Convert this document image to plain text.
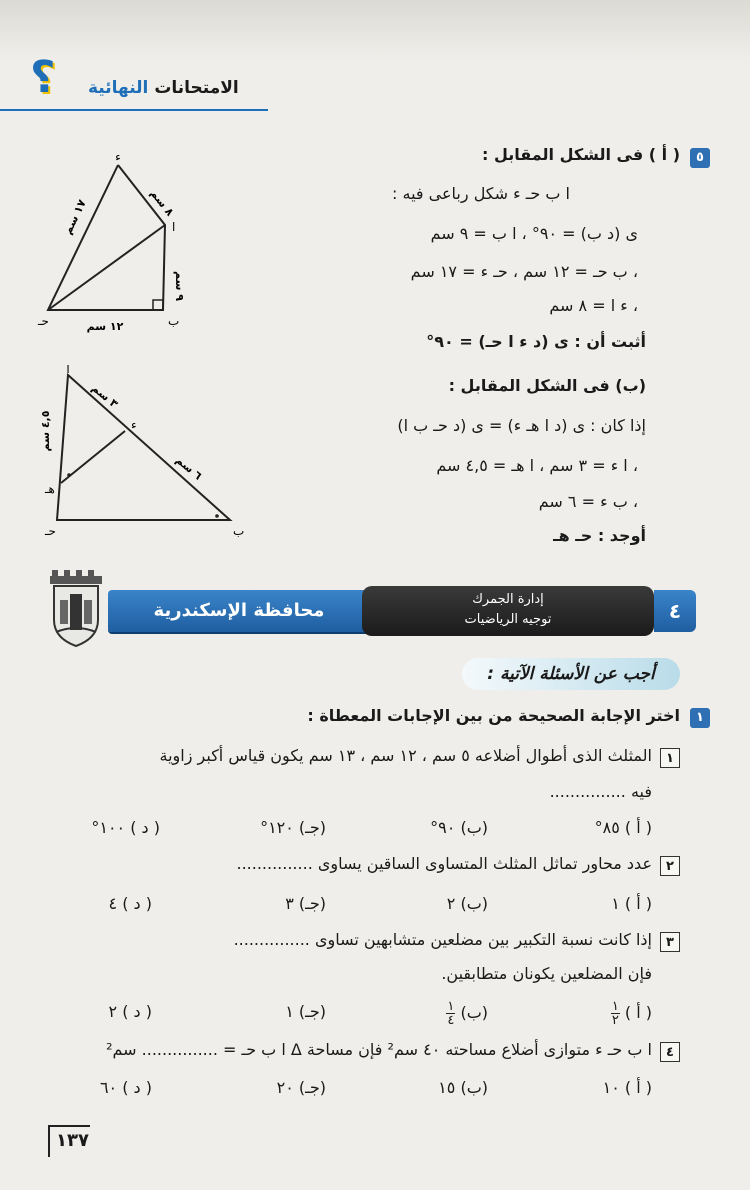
الامتحانات النهائية
؟
٥
( أ ) فى الشكل المقابل :
ا ب حـ ء شكل رباعى فيه :
ى (د ب) = ٩٠° ، ا ب = ٩ سم
، ب حـ = ١٢ سم ، حـ ء = ١٧ سم
، ء ا = ٨ سم
أثبت أن : ى (د ء ا حـ) = ٩٠°
(ب) فى الشكل المقابل :
إذا كان : ى (د ا هـ ء) = ى (د حـ ب ا)
، ا ء = ٣ سم ، ا هـ = ٤,٥ سم
، ب ء = ٦ سم
أوجد : حـ هـ
ء
ا
ب
حـ
٨ سم
١٧ سم
٩ سم
١٢ سم
ا
ء
هـ
حـ	ب
٣ سم
٦ سم
٤,٥ سم
محافظة الإسكندرية
إدارة الجمرك
توجيه الرياضيات	٤
أجب عن الأسئلة الآتية :
١
اختر الإجابة الصحيحة من بين الإجابات المعطاة :
١
المثلث الذى أطوال أضلاعه ٥ سم ، ١٢ سم ، ١٣ سم يكون قياس أكبر زاوية
فيه ...............
( أ ) ٨٥°
(ب) ٩٠°
(جـ) ١٢٠°
( د ) ١٠٠°
٢
عدد محاور تماثل المثلث المتساوى الساقين يساوى ...............
( أ ) ١
(ب) ٢
(جـ) ٣
( د ) ٤
٣
إذا كانت نسبة التكبير بين مضلعين متشابهين تساوى ...............
فإن المضلعين يكونان متطابقين.
( أ )
$\frac{١}{٢}$
(ب)
$\frac{١}{٤}$
(جـ) ١
( د ) ٢
٤
ا ب حـ ء متوازى أضلاع مساحته ٤٠ سم² فإن مساحة Δ ا ب حـ = ............... سم²
( أ ) ١٠
(ب) ١٥
(جـ) ٢٠
( د ) ٦٠
١٣٧
